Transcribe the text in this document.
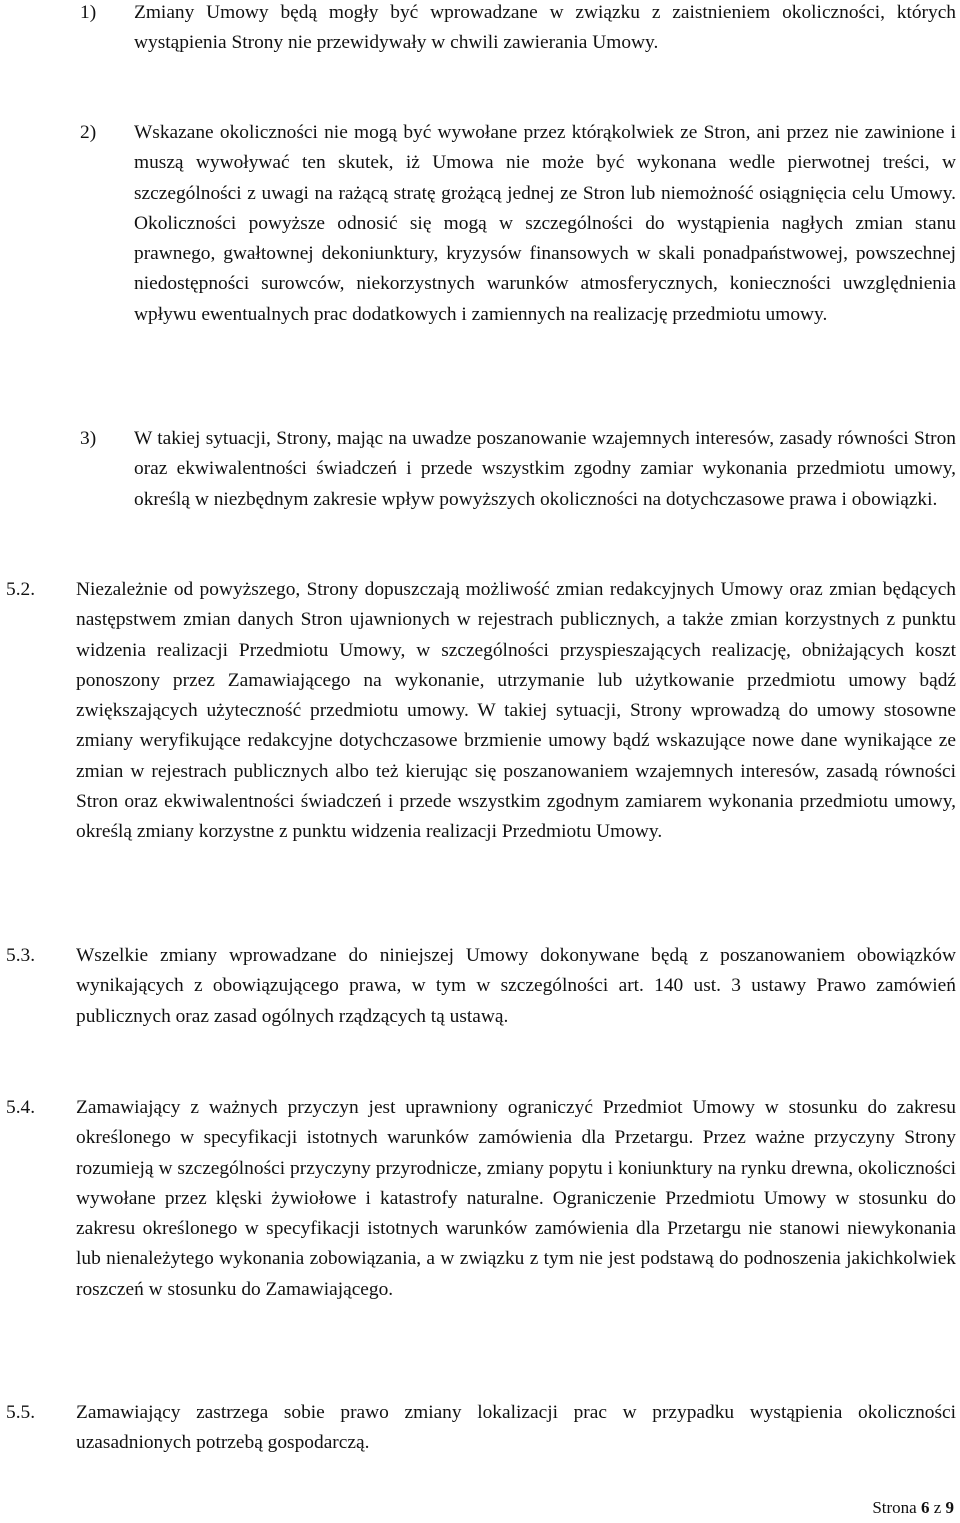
1) Zmiany Umowy będą mogły być wprowadzane w związku z zaistnieniem okoliczności, których wystąpienia Strony nie przewidywały w chwili zawierania Umowy.

2) Wskazane okoliczności nie mogą być wywołane przez którąkolwiek ze Stron, ani przez nie zawinione i muszą wywoływać ten skutek, iż Umowa nie może być wykonana wedle pierwotnej treści, w szczególności z uwagi na rażącą stratę grożącą jednej ze Stron lub niemożność osiągnięcia celu Umowy. Okoliczności powyższe odnosić się mogą w szczególności do wystąpienia nagłych zmian stanu prawnego, gwałtownej dekoniunktury, kryzysów finansowych w skali ponadpaństwowej, powszechnej niedostępności surowców, niekorzystnych warunków atmosferycznych, konieczności uwzględnienia wpływu ewentualnych prac dodatkowych i zamiennych na realizację przedmiotu umowy.

3) W takiej sytuacji, Strony, mając na uwadze poszanowanie wzajemnych interesów, zasady równości Stron oraz ekwiwalentności świadczeń i przede wszystkim zgodny zamiar wykonania przedmiotu umowy, określą w niezbędnym zakresie wpływ powyższych okoliczności na dotychczasowe prawa i obowiązki.

5.2. Niezależnie od powyższego, Strony dopuszczają możliwość zmian redakcyjnych Umowy oraz zmian będących następstwem zmian danych Stron ujawnionych w rejestrach publicznych, a także zmian korzystnych z punktu widzenia realizacji Przedmiotu Umowy, w szczególności przyspieszających realizację, obniżających koszt ponoszony przez Zamawiającego na wykonanie, utrzymanie lub użytkowanie przedmiotu umowy bądź zwiększających użyteczność przedmiotu umowy. W takiej sytuacji, Strony wprowadzą do umowy stosowne zmiany weryfikujące redakcyjne dotychczasowe brzmienie umowy bądź wskazujące nowe dane wynikające ze zmian w rejestrach publicznych albo też kierując się poszanowaniem wzajemnych interesów, zasadą równości Stron oraz ekwiwalentności świadczeń i przede wszystkim zgodnym zamiarem wykonania przedmiotu umowy, określą zmiany korzystne z punktu widzenia realizacji Przedmiotu Umowy.

5.3. Wszelkie zmiany wprowadzane do niniejszej Umowy dokonywane będą z poszanowaniem obowiązków wynikających z obowiązującego prawa, w tym w szczególności art. 140 ust. 3 ustawy Prawo zamówień publicznych oraz zasad ogólnych rządzących tą ustawą.

5.4. Zamawiający z ważnych przyczyn jest uprawniony ograniczyć Przedmiot Umowy w stosunku do zakresu określonego w specyfikacji istotnych warunków zamówienia dla Przetargu. Przez ważne przyczyny Strony rozumieją w szczególności przyczyny przyrodnicze, zmiany popytu i koniunktury na rynku drewna, okoliczności wywołane przez klęski żywiołowe i katastrofy naturalne. Ograniczenie Przedmiotu Umowy w stosunku do zakresu określonego w specyfikacji istotnych warunków zamówienia dla Przetargu nie stanowi niewykonania lub nienależytego wykonania zobowiązania, a w związku z tym nie jest podstawą do podnoszenia jakichkolwiek roszczeń w stosunku do Zamawiającego.

5.5. Zamawiający zastrzega sobie prawo zmiany lokalizacji prac w przypadku wystąpienia okoliczności uzasadnionych potrzebą gospodarczą.

Strona 6 z 9
